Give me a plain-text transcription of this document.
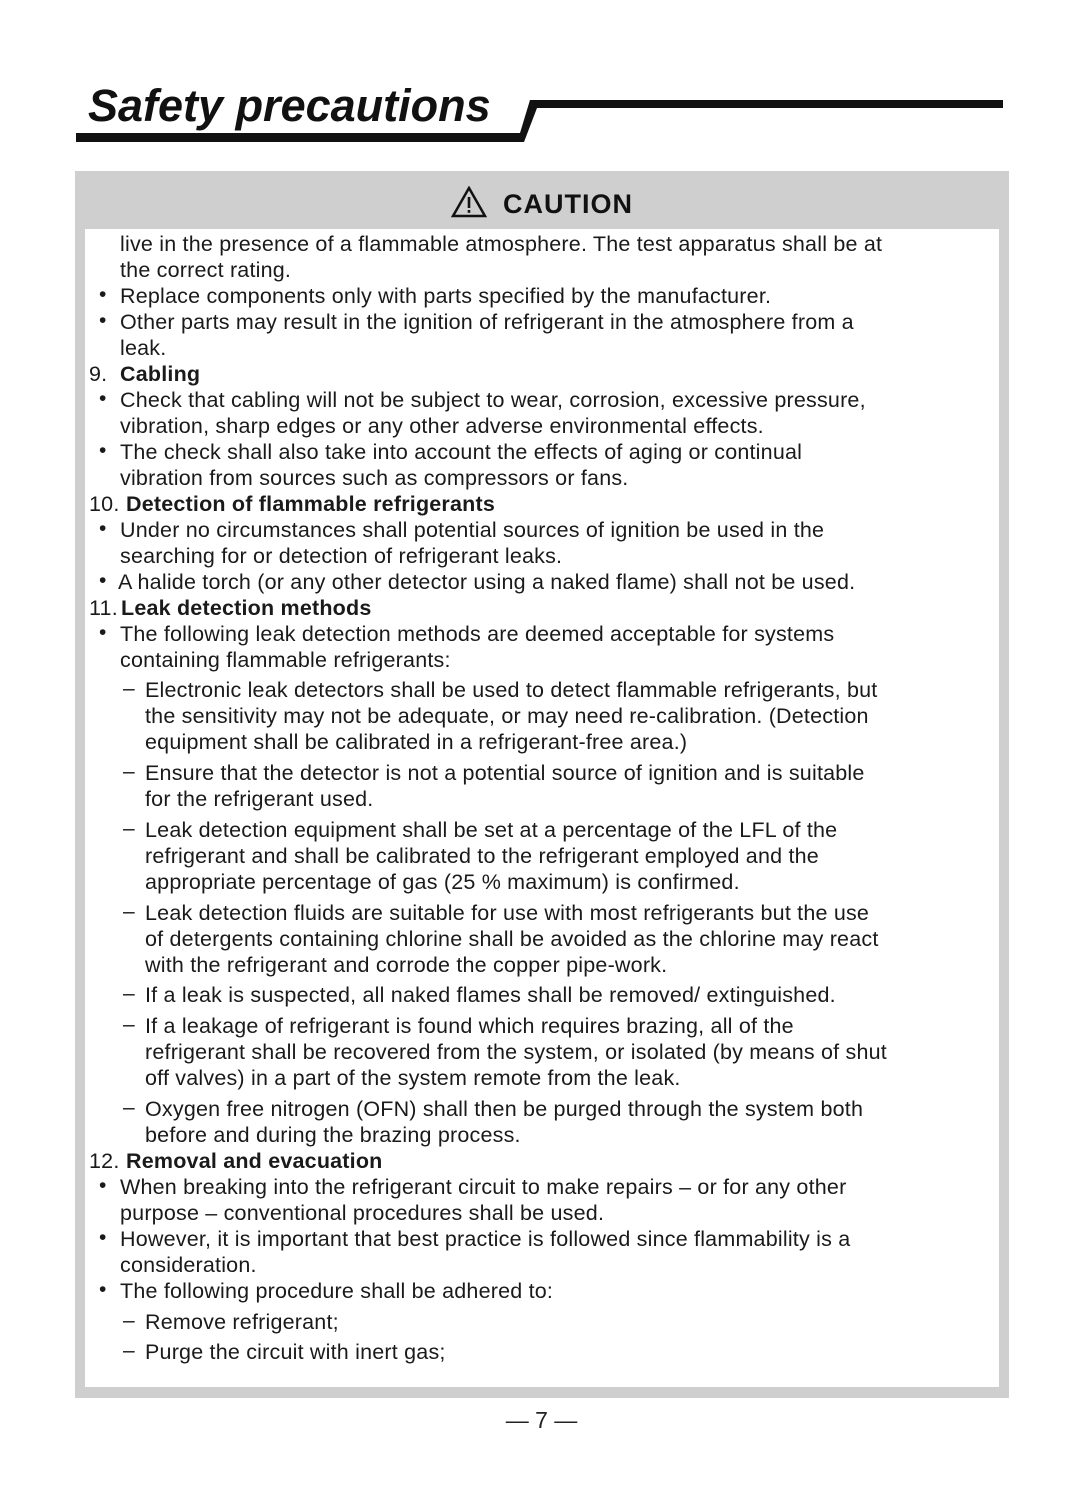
Safety precautions
CAUTION
live in the presence of a flammable atmosphere. The test apparatus shall be at
the correct rating.
• Replace components only with parts specified by the manufacturer.
• Other parts may result in the ignition of refrigerant in the atmosphere from a
leak.
9. Cabling
• Check that cabling will not be subject to wear, corrosion, excessive pressure,
vibration, sharp edges or any other adverse environmental effects.
• The check shall also take into account the effects of aging or continual
vibration from sources such as compressors or fans.
10. Detection of flammable refrigerants
• Under no circumstances shall potential sources of ignition be used in the
searching for or detection of refrigerant leaks.
• A halide torch (or any other detector using a naked flame) shall not be used.
11. Leak detection methods
• The following leak detection methods are deemed acceptable for systems
containing flammable refrigerants:
– Electronic leak detectors shall be used to detect flammable refrigerants, but
the sensitivity may not be adequate, or may need re-calibration. (Detection
equipment shall be calibrated in a refrigerant-free area.)
– Ensure that the detector is not a potential source of ignition and is suitable
for the refrigerant used.
– Leak detection equipment shall be set at a percentage of the LFL of the
refrigerant and shall be calibrated to the refrigerant employed and the
appropriate percentage of gas (25 % maximum) is confirmed.
– Leak detection fluids are suitable for use with most refrigerants but the use
of detergents containing chlorine shall be avoided as the chlorine may react
with the refrigerant and corrode the copper pipe-work.
– If a leak is suspected, all naked flames shall be removed/ extinguished.
– If a leakage of refrigerant is found which requires brazing, all of the
refrigerant shall be recovered from the system, or isolated (by means of shut
off valves) in a part of the system remote from the leak.
– Oxygen free nitrogen (OFN) shall then be purged through the system both
before and during the brazing process.
12. Removal and evacuation
• When breaking into the refrigerant circuit to make repairs – or for any other
purpose – conventional procedures shall be used.
• However, it is important that best practice is followed since flammability is a
consideration.
• The following procedure shall be adhered to:
– Remove refrigerant;
– Purge the circuit with inert gas;
— 7 —
